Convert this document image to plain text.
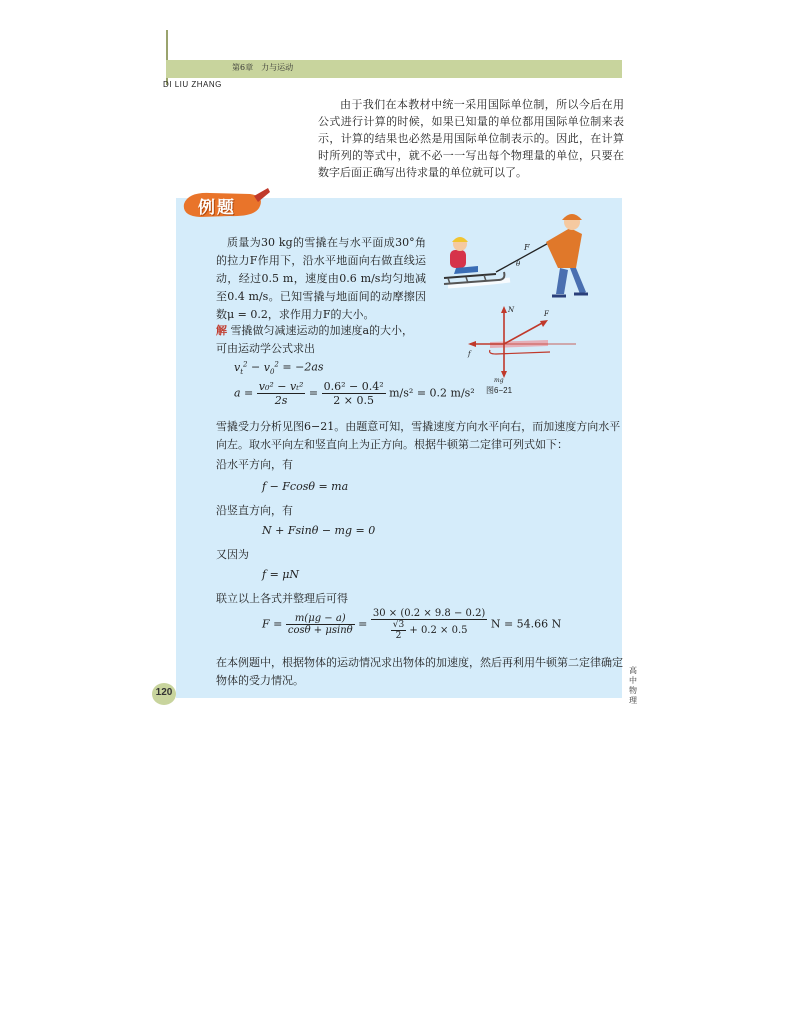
第6章　力与运动
DI LIU ZHANG

由于我们在本教材中统一采用国际单位制，所以今后在用公式进行计算的时候，如果已知量的单位都用国际单位制来表示，计算的结果也必然是用国际单位制表示的。因此，在计算时所列的等式中，就不必一一写出每个物理量的单位，只要在数字后面正确写出待求量的单位就可以了。

例题
质量为30 kg的雪撬在与水平面成30°角的拉力F作用下，沿水平地面向右做直线运动，经过0.5 m，速度由0.6 m/s均匀地减至0.4 m/s。已知雪撬与地面间的动摩擦因数μ = 0.2，求作用力F的大小。
F
θ
N	F
f
mg
图6−21
解 雪撬做匀减速运动的加速度a的大小，
可由运动学公式求出
$v_t^2 - v_0^2 = -2as$
$a = \frac{\text{v₀² − vₜ²}}{2s} = \frac{\text{0.6² − 0.4²}}{2 \times 0.5} m/s^2 = 0.2$ m/s²
雪撬受力分析见图6−21。由题意可知，雪撬速度方向水平向右，而加速度方向水平
向左。取水平向左和竖直向上为正方向。根据牛顿第二定律可列式如下：
沿水平方向，有
f − Fcosθ = ma
沿竖直方向，有
N + Fsinθ − mg = 0
又因为
f = μN
联立以上各式并整理后可得
$F = \frac{m(\mu g - a)}{\cos\theta + \mu\sin\theta} = \frac{30 \times (0.2 \times 9.8 - 0.2)}{\frac{√3}{2} + 0.2 \times 0.5}$ N = 54.66 N
在本例题中，根据物体的运动情况求出物体的加速度，然后再利用牛顿第二定律确定
物体的受力情况。
120
高中物理
